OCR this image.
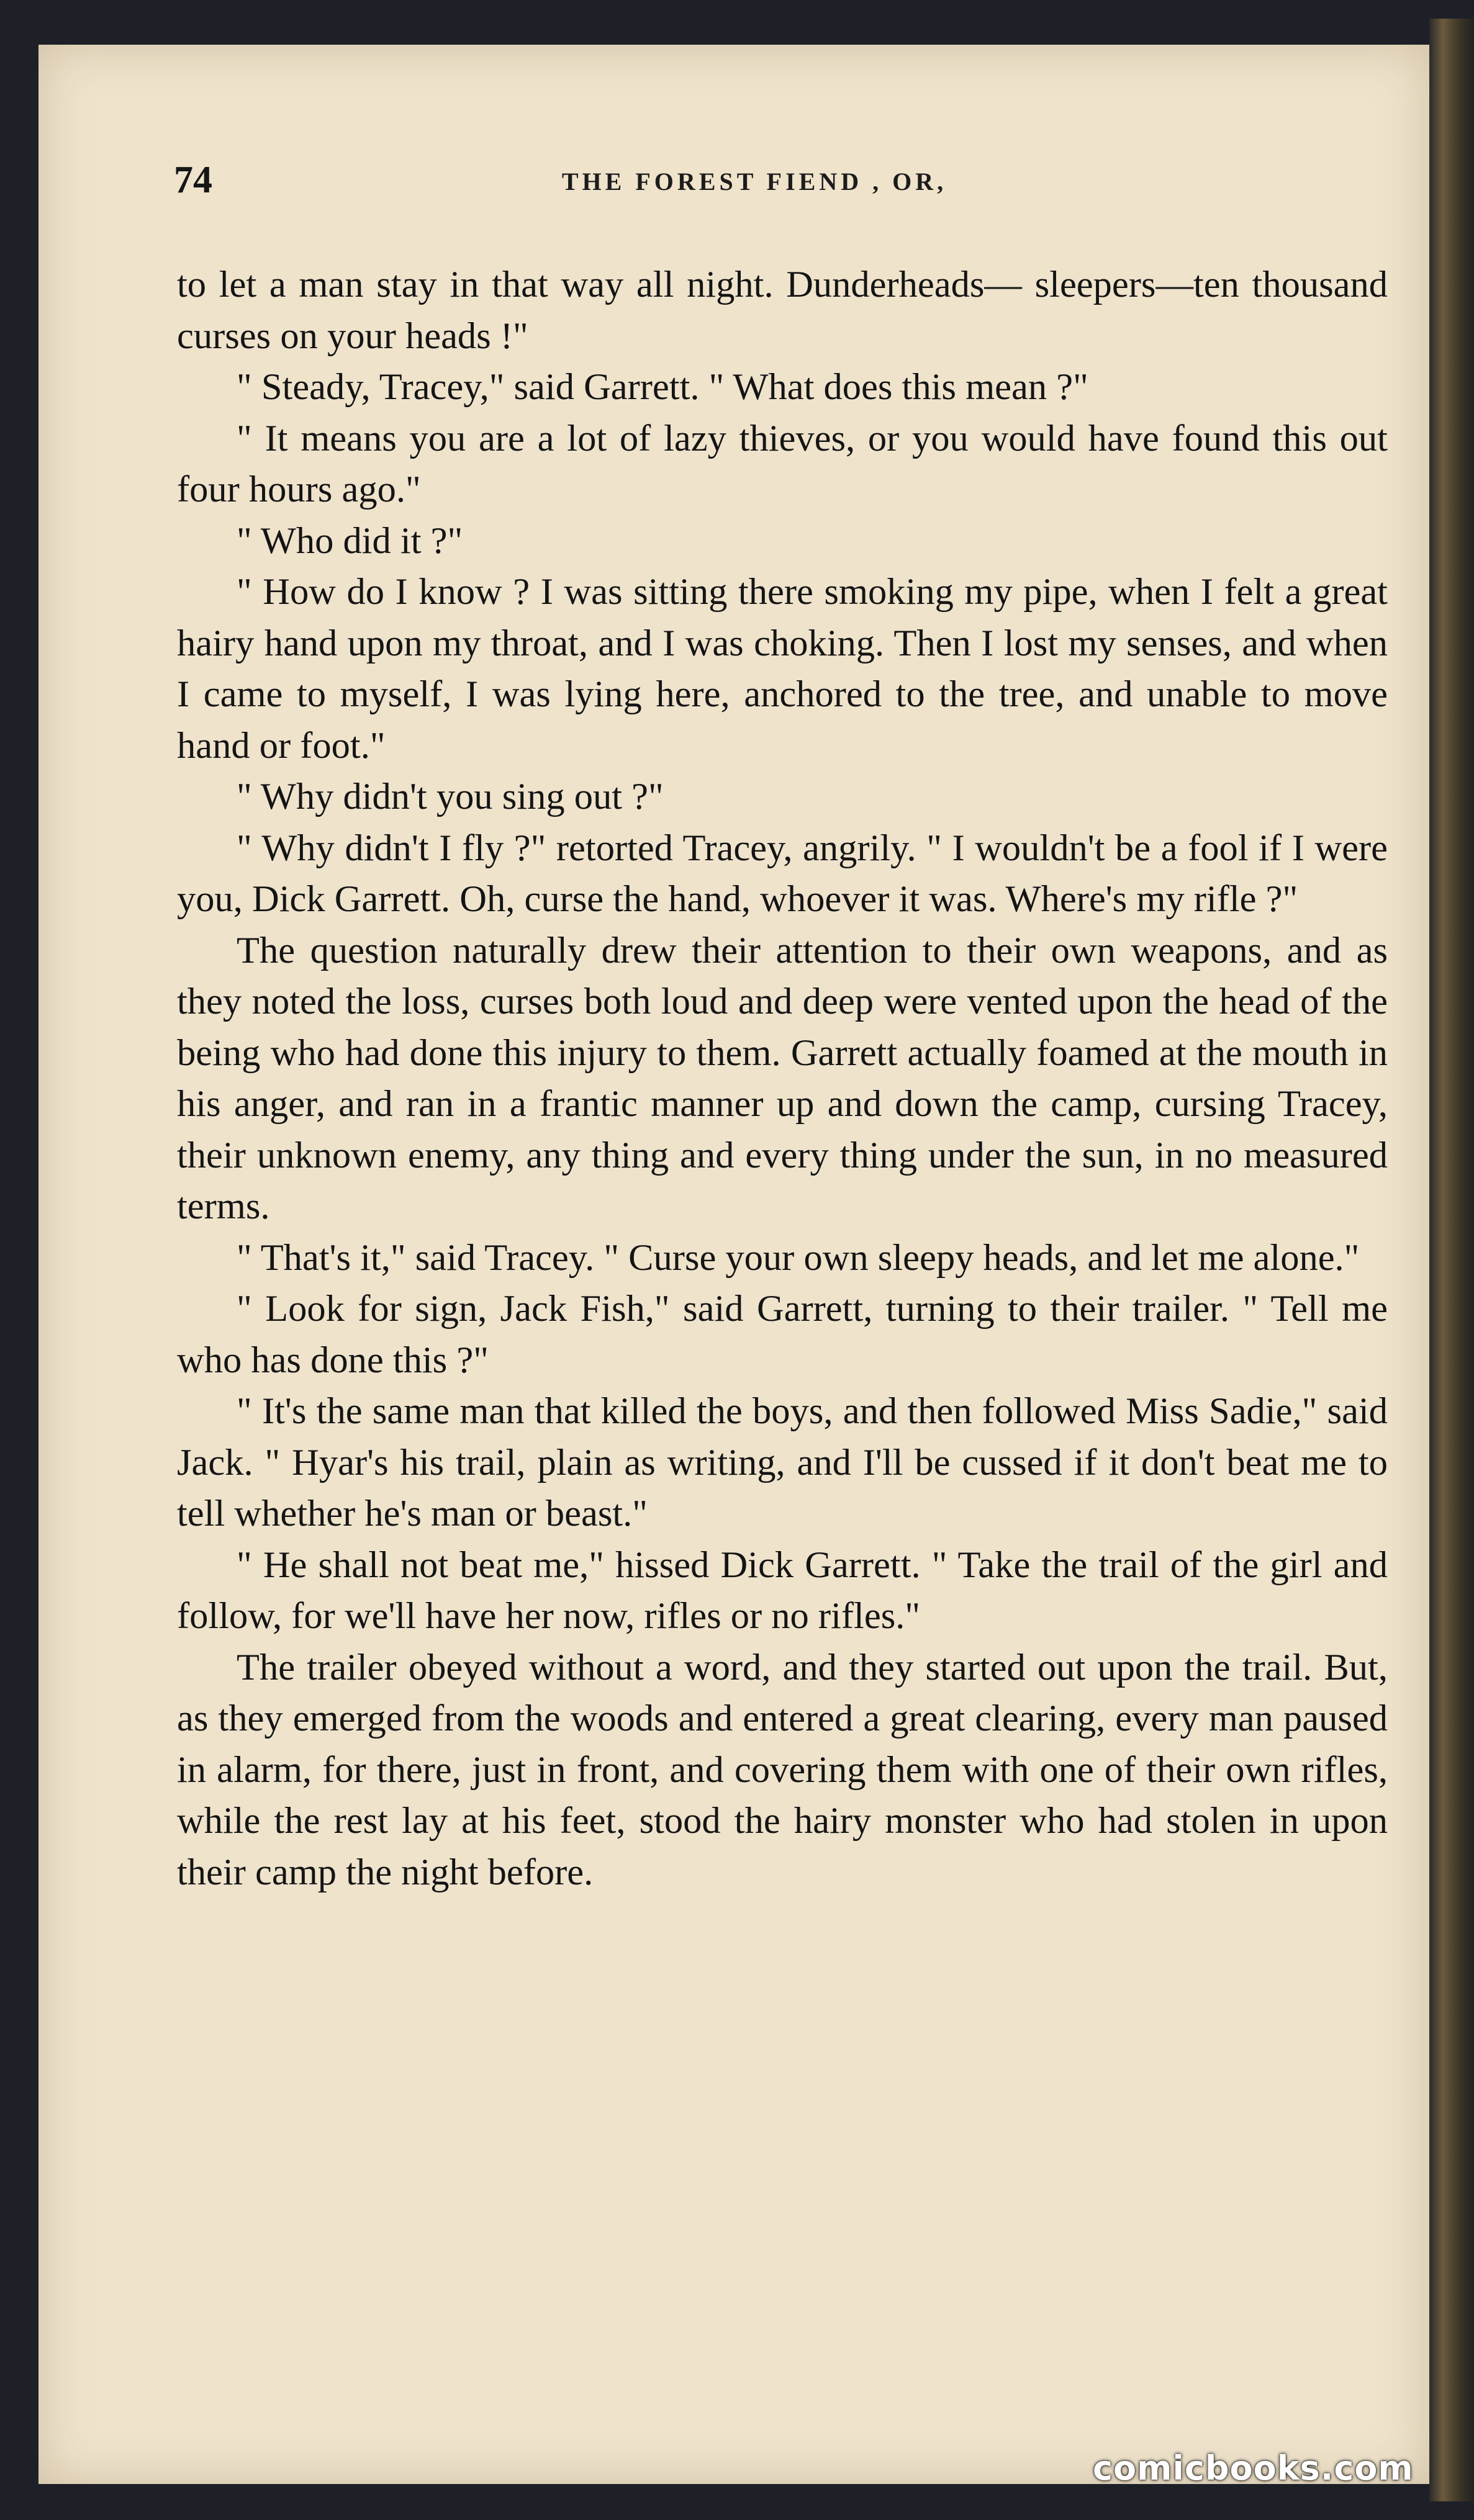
74	THE FOREST FIEND , OR,

to let a man stay in that way all night. Dunderheads— sleepers—ten thousand curses on your heads !"

" Steady, Tracey," said Garrett. " What does this mean ?"

" It means you are a lot of lazy thieves, or you would have found this out four hours ago."

" Who did it ?"

" How do I know ? I was sitting there smoking my pipe, when I felt a great hairy hand upon my throat, and I was choking. Then I lost my senses, and when I came to myself, I was lying here, anchored to the tree, and unable to move hand or foot."

" Why didn't you sing out ?"

" Why didn't I fly ?" retorted Tracey, angrily. " I wouldn't be a fool if I were you, Dick Garrett. Oh, curse the hand, whoever it was. Where's my rifle ?"

The question naturally drew their attention to their own weapons, and as they noted the loss, curses both loud and deep were vented upon the head of the being who had done this injury to them. Garrett actually foamed at the mouth in his anger, and ran in a frantic manner up and down the camp, cursing Tracey, their unknown enemy, any thing and every thing under the sun, in no measured terms.

" That's it," said Tracey. " Curse your own sleepy heads, and let me alone."

" Look for sign, Jack Fish," said Garrett, turning to their trailer. " Tell me who has done this ?"

" It's the same man that killed the boys, and then followed Miss Sadie," said Jack. " Hyar's his trail, plain as writing, and I'll be cussed if it don't beat me to tell whether he's man or beast."

" He shall not beat me," hissed Dick Garrett. " Take the trail of the girl and follow, for we'll have her now, rifles or no rifles."

The trailer obeyed without a word, and they started out upon the trail. But, as they emerged from the woods and entered a great clearing, every man paused in alarm, for there, just in front, and covering them with one of their own rifles, while the rest lay at his feet, stood the hairy monster who had stolen in upon their camp the night before.

comicbooks.com
